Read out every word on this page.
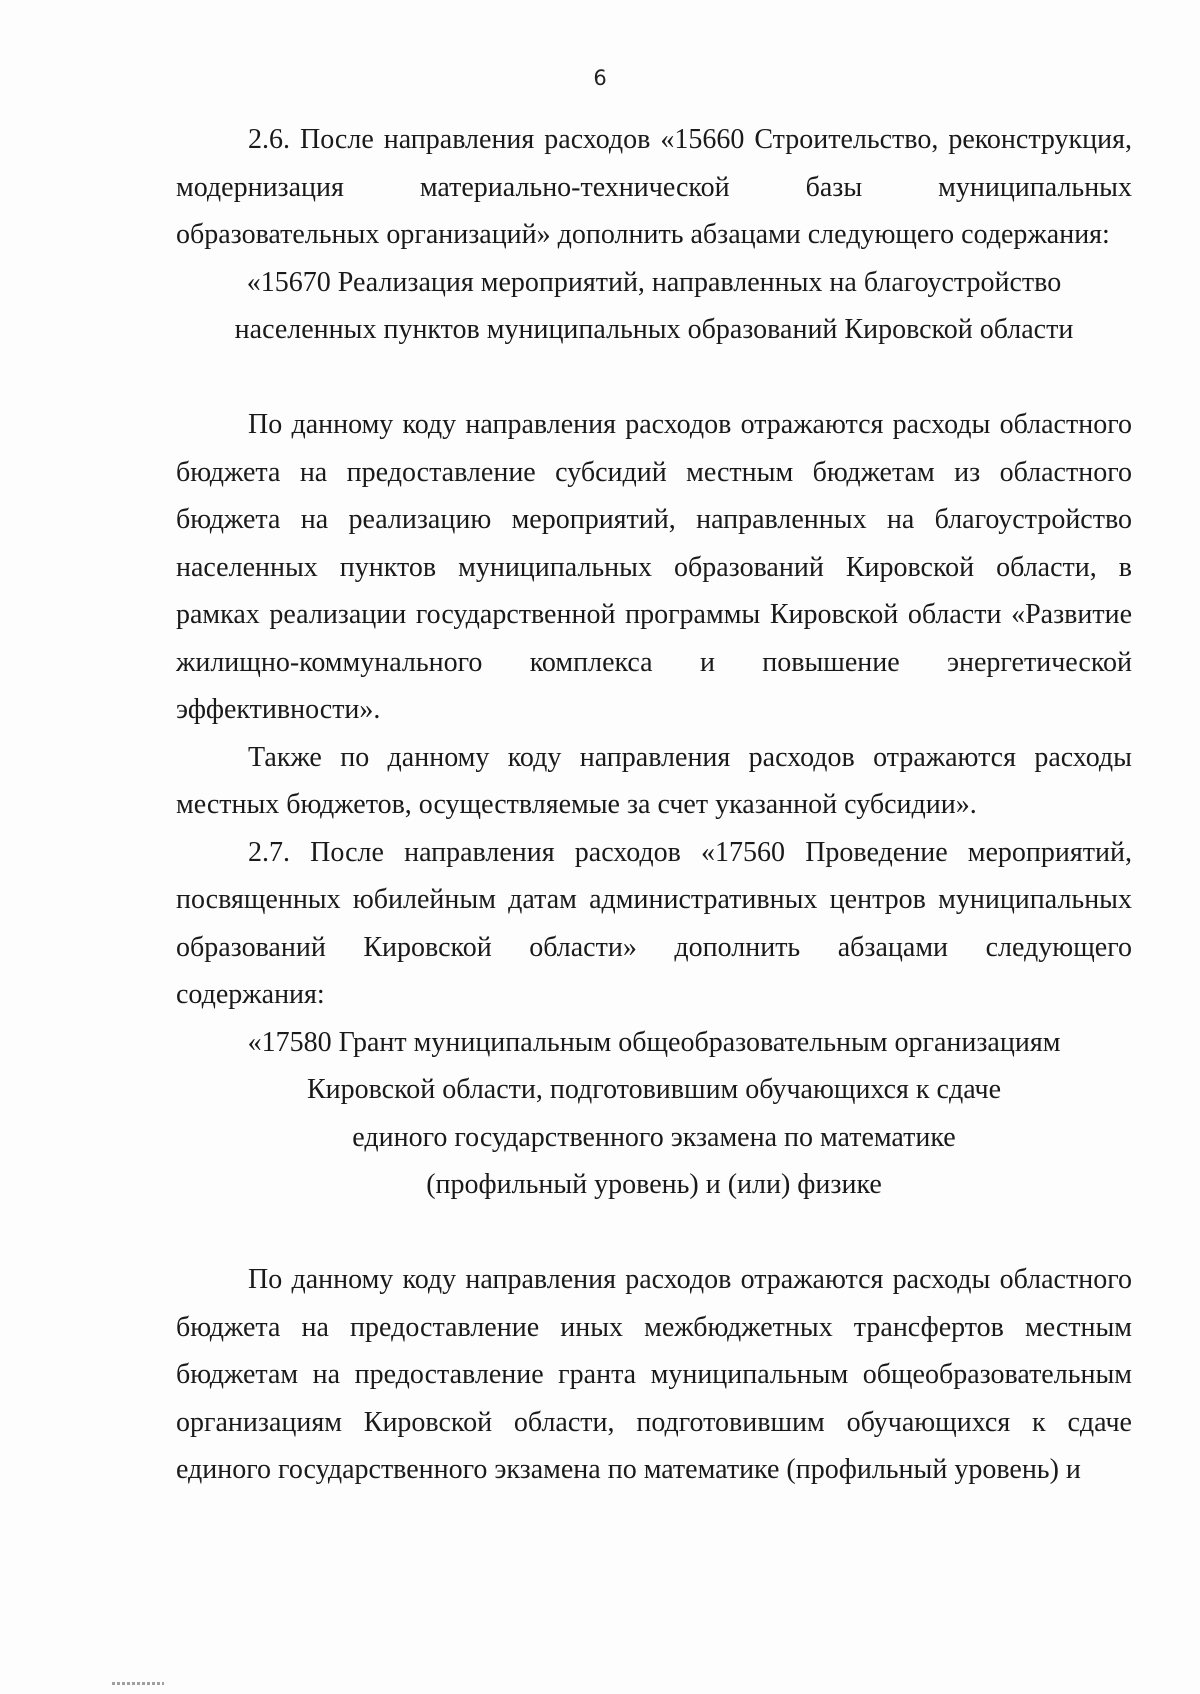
6

2.6. После направления расходов «15660 Строительство, реконструкция, модернизация материально-технической базы муниципальных образовательных организаций» дополнить абзацами следующего содержания:

«15670 Реализация мероприятий, направленных на благоустройство
населенных пунктов муниципальных образований Кировской области

По данному коду направления расходов отражаются расходы областного бюджета на предоставление субсидий местным бюджетам из областного бюджета на реализацию мероприятий, направленных на благоустройство населенных пунктов муниципальных образований Кировской области, в рамках реализации государственной программы Кировской области «Развитие жилищно-коммунального комплекса и повышение энергетической эффективности».

Также по данному коду направления расходов отражаются расходы местных бюджетов, осуществляемые за счет указанной субсидии».

2.7. После направления расходов «17560 Проведение мероприятий, посвященных юбилейным датам административных центров муниципальных образований Кировской области» дополнить абзацами следующего содержания:

«17580 Грант муниципальным общеобразовательным организациям
Кировской области, подготовившим обучающихся к сдаче
единого государственного экзамена по математике
(профильный уровень) и (или) физике

По данному коду направления расходов отражаются расходы областного бюджета на предоставление иных межбюджетных трансфертов местным бюджетам на предоставление гранта муниципальным общеобразовательным организациям Кировской области, подготовившим обучающихся к сдаче единого государственного экзамена по математике (профильный уровень) и
